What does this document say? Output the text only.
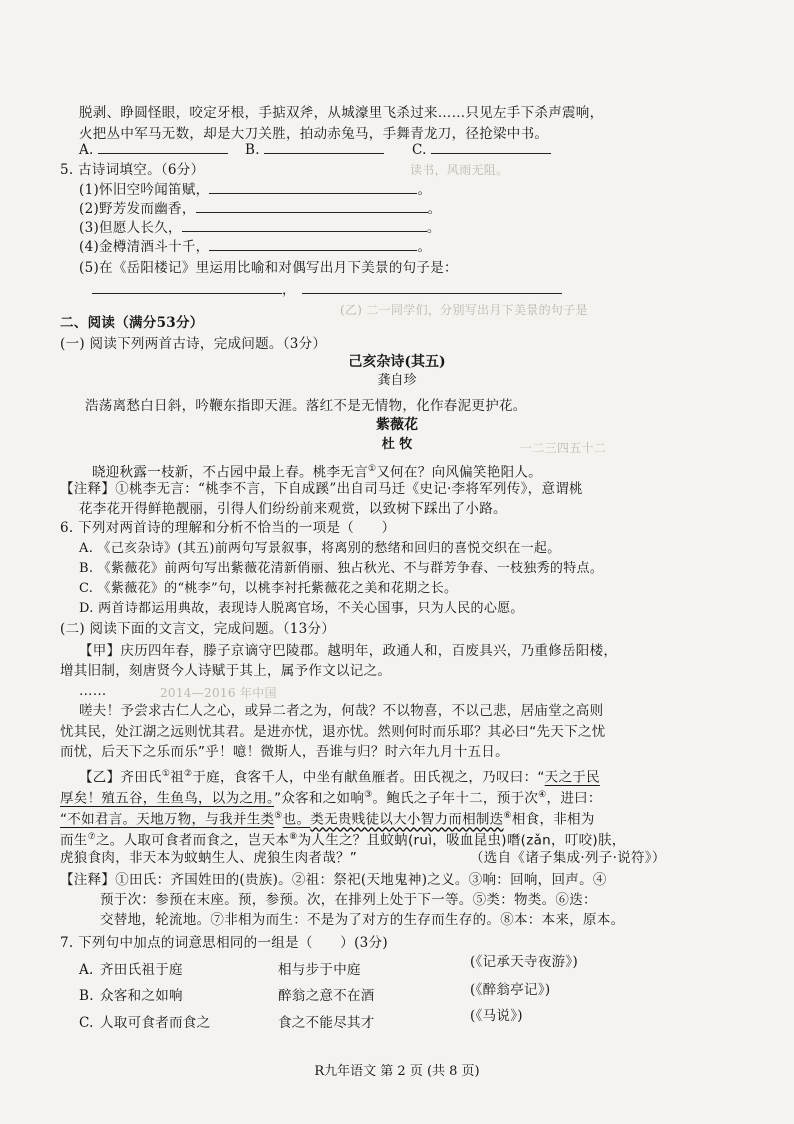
读书，风雨无阻。
(乙) 二一同学们，分别写出月下美景的句子是
一二三四五十二
2014—2016 年中国
脱剥、睁圆怪眼，咬定牙根，手掂双斧，从城濠里飞杀过来……只见左手下杀声震响，
火把丛中军马无数，却是大刀关胜，拍动赤兔马，手舞青龙刀，径抢梁中书。
A.	B.	C.
5. 古诗词填空。（6分）
(1)怀旧空吟闻笛赋，	。
(2)野芳发而幽香，	。
(3)但愿人长久，	。
(4)金樽清酒斗十千，	。
(5)在《岳阳楼记》里运用比喻和对偶写出月下美景的句子是：
，
二、阅读（满分53分）
(一) 阅读下列两首古诗，完成问题。（3分）
己亥杂诗(其五)
龚自珍
浩荡离愁白日斜，吟鞭东指即天涯。落红不是无情物，化作春泥更护花。
紫薇花
杜 牧
晓迎秋露一枝新，不占园中最上春。桃李无言①又何在？向风偏笑艳阳人。
【注释】①桃李无言：“桃李不言，下自成蹊”出自司马迁《史记·李将军列传》，意谓桃
花李花开得鲜艳靓丽，引得人们纷纷前来观赏，以致树下踩出了小路。
6. 下列对两首诗的理解和分析不恰当的一项是（　　）
A. 《己亥杂诗》(其五)前两句写景叙事，将离别的愁绪和回归的喜悦交织在一起。
B. 《紫薇花》前两句写出紫薇花清新俏丽、独占秋光、不与群芳争春、一枝独秀的特点。
C. 《紫薇花》的“桃李”句，以桃李衬托紫薇花之美和花期之长。
D. 两首诗都运用典故，表现诗人脱离官场，不关心国事，只为人民的心愿。
(二) 阅读下面的文言文，完成问题。（13分）
【甲】庆历四年春，滕子京谪守巴陵郡。越明年，政通人和，百废具兴，乃重修岳阳楼，
增其旧制，刻唐贤今人诗赋于其上，属予作文以记之。
……
嗟夫！予尝求古仁人之心，或异二者之为，何哉？不以物喜，不以己悲，居庙堂之高则
忧其民，处江湖之远则忧其君。是进亦忧，退亦忧。然则何时而乐耶？其必曰“先天下之忧
而忧，后天下之乐而乐”乎！噫！微斯人，吾谁与归？时六年九月十五日。
【乙】齐田氏①祖②于庭，食客千人，中坐有献鱼雁者。田氏视之，乃叹曰：“天之于民
厚矣！殖五谷，生鱼鸟，以为之用。”众客和之如响③。鲍氏之子年十二，预于次④，进曰：
“不如君言。天地万物，与我并生类⑤也。类无贵贱徒以大小智力而相制迭⑥相食，非相为
而生⑦之。人取可食者而食之，岂天本⑧为人生之？且蚊蚋(ruì，吸血昆虫)噆(zǎn，叮咬)肤，
虎狼食肉，非天本为蚊蚋生人、虎狼生肉者哉？”	（选自《诸子集成·列子·说符》）
【注释】①田氏：齐国姓田的(贵族)。②祖：祭祀(天地鬼神)之义。③响：回响，回声。④
预于次：参预在末座。预，参预。次，在排列上处于下一等。⑤类：物类。⑥迭：
交替地，轮流地。⑦非相为而生：不是为了对方的生存而生存的。⑧本：本来，原本。
7. 下列句中加点的词意思相同的一组是（　　）(3分)
A. 齐田氏祖于庭	相与步于中庭	(《记承天寺夜游》)
B. 众客和之如响	醉翁之意不在酒	(《醉翁亭记》)
C. 人取可食者而食之	食之不能尽其才	(《马说》)
R九年语文 第 2 页 (共 8 页)
